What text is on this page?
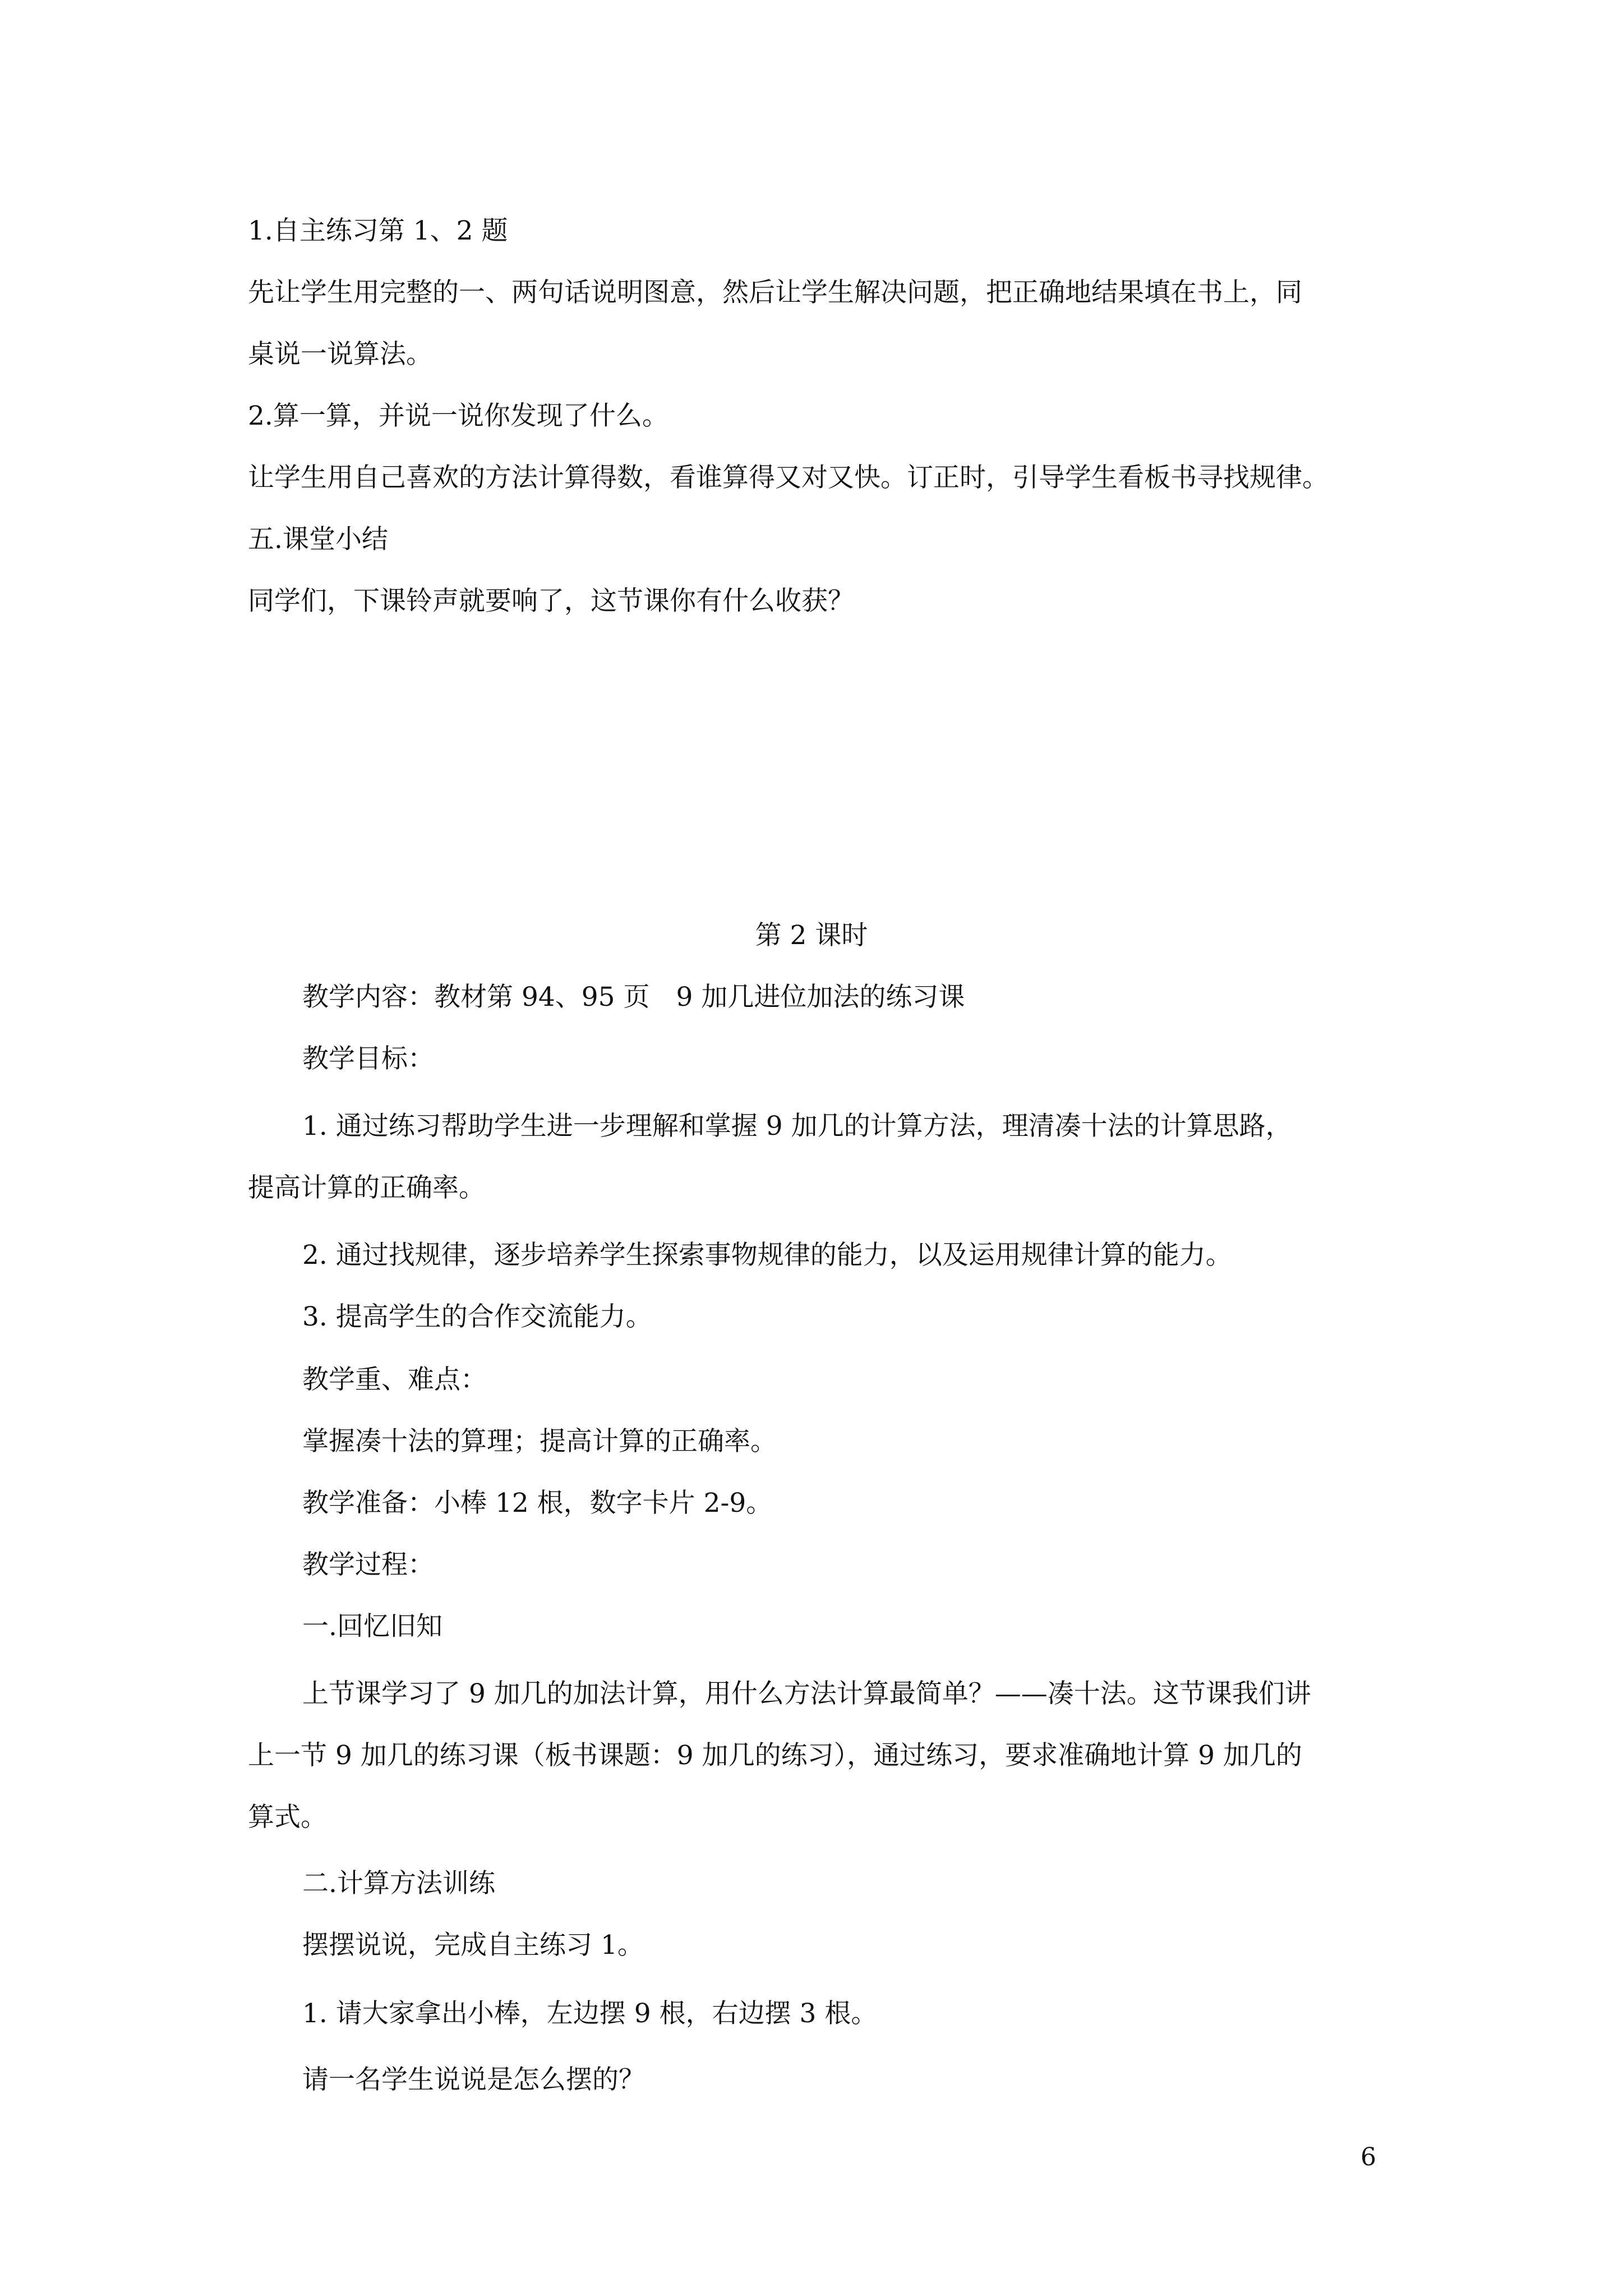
1.自主练习第 1、2 题

先让学生用完整的一、两句话说明图意，然后让学生解决问题，把正确地结果填在书上，同

桌说一说算法。

2.算一算，并说一说你发现了什么。

让学生用自己喜欢的方法计算得数，看谁算得又对又快。订正时，引导学生看板书寻找规律。

五.课堂小结

同学们，下课铃声就要响了，这节课你有什么收获？

第 2 课时

教学内容：教材第 94、95 页　9 加几进位加法的练习课

教学目标：

1. 通过练习帮助学生进一步理解和掌握 9 加几的计算方法，理清凑十法的计算思路，

提高计算的正确率。

2. 通过找规律，逐步培养学生探索事物规律的能力，以及运用规律计算的能力。

3. 提高学生的合作交流能力。

教学重、难点：

掌握凑十法的算理；提高计算的正确率。

教学准备：小棒 12 根，数字卡片 2-9。

教学过程：

一.回忆旧知

上节课学习了 9 加几的加法计算，用什么方法计算最简单？——凑十法。这节课我们讲

上一节 9 加几的练习课（板书课题：9 加几的练习），通过练习，要求准确地计算 9 加几的

算式。

二.计算方法训练

摆摆说说，完成自主练习 1。

1. 请大家拿出小棒，左边摆 9 根，右边摆 3 根。

请一名学生说说是怎么摆的？

6
